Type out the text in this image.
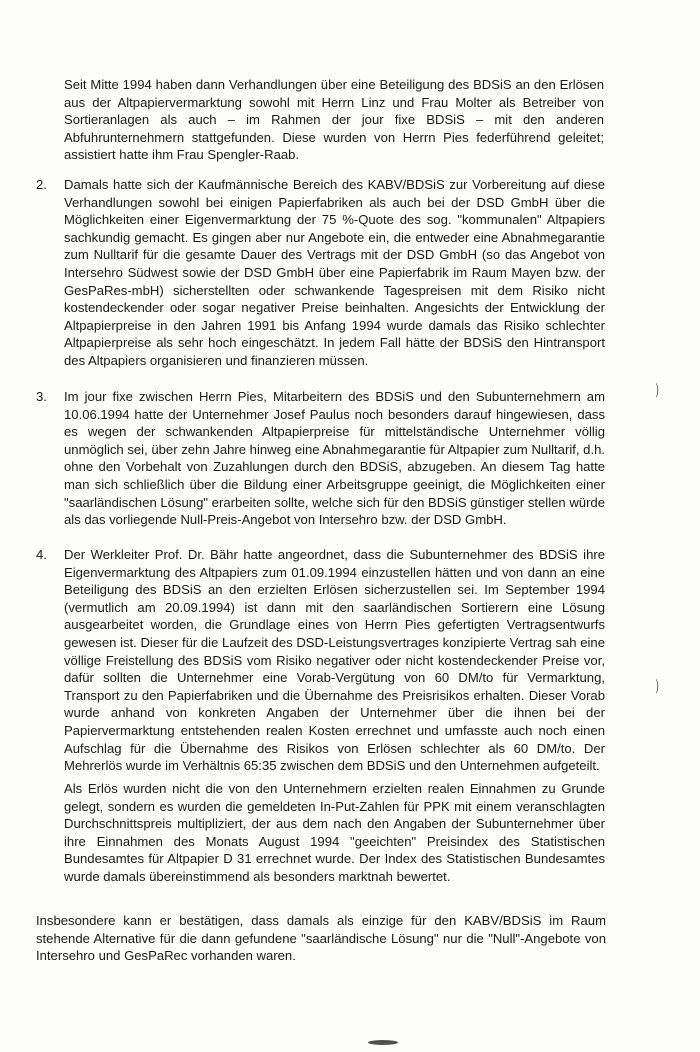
Seit Mitte 1994 haben dann Verhandlungen über eine Beteiligung des BDSiS an den Erlösen aus der Altpapiervermarktung sowohl mit Herrn Linz und Frau Molter als Betreiber von Sortieranlagen als auch – im Rahmen der jour fixe BDSiS – mit den anderen Abfuhrunternehmern stattgefunden. Diese wurden von Herrn Pies federführend geleitet; assistiert hatte ihm Frau Spengler-Raab.

2.	Damals hatte sich der Kaufmännische Bereich des KABV/BDSiS zur Vorbereitung auf diese Verhandlungen sowohl bei einigen Papierfabriken als auch bei der DSD GmbH über die Möglichkeiten einer Eigenvermarktung der 75 %-Quote des sog. "kommunalen" Altpapiers sachkundig gemacht. Es gingen aber nur Angebote ein, die entweder eine Abnahmegarantie zum Nulltarif für die gesamte Dauer des Vertrags mit der DSD GmbH (so das Angebot von Intersehro Südwest sowie der DSD GmbH über eine Papierfabrik im Raum Mayen bzw. der GesPaRes-mbH) sicherstellten oder schwankende Tagespreisen mit dem Risiko nicht kostendeckender oder sogar negativer Preise beinhalten. Angesichts der Entwicklung der Altpapierpreise in den Jahren 1991 bis Anfang 1994 wurde damals das Risiko schlechter Altpapierpreise als sehr hoch eingeschätzt. In jedem Fall hätte der BDSiS den Hintransport des Altpapiers organisieren und finanzieren müssen.

3.	Im jour fixe zwischen Herrn Pies, Mitarbeitern des BDSiS und den Subunternehmern am 10.06.1994 hatte der Unternehmer Josef Paulus noch besonders darauf hingewiesen, dass es wegen der schwankenden Altpapierpreise für mittelständische Unternehmer völlig unmöglich sei, über zehn Jahre hinweg eine Abnahmegarantie für Altpapier zum Nulltarif, d.h. ohne den Vorbehalt von Zuzahlungen durch den BDSiS, abzugeben. An diesem Tag hatte man sich schließlich über die Bildung einer Arbeitsgruppe geeinigt, die Möglichkeiten einer "saarländischen Lösung" erarbeiten sollte, welche sich für den BDSiS günstiger stellen würde als das vorliegende Null-Preis-Angebot von Intersehro bzw. der DSD GmbH.

4.	Der Werkleiter Prof. Dr. Bähr hatte angeordnet, dass die Subunternehmer des BDSiS ihre Eigenvermarktung des Altpapiers zum 01.09.1994 einzustellen hätten und von dann an eine Beteiligung des BDSiS an den erzielten Erlösen sicherzustellen sei. Im September 1994 (vermutlich am 20.09.1994) ist dann mit den saarländischen Sortierern eine Lösung ausgearbeitet worden, die Grundlage eines von Herrn Pies gefertigten Vertragsentwurfs gewesen ist. Dieser für die Laufzeit des DSD-Leistungsvertrages konzipierte Vertrag sah eine völlige Freistellung des BDSiS vom Risiko negativer oder nicht kostendeckender Preise vor, dafür sollten die Unternehmer eine Vorab-Vergütung von 60 DM/to für Vermarktung, Transport zu den Papierfabriken und die Übernahme des Preisrisikos erhalten. Dieser Vorab wurde anhand von konkreten Angaben der Unternehmer über die ihnen bei der Papiervermarktung entstehenden realen Kosten errechnet und umfasste auch noch einen Aufschlag für die Übernahme des Risikos von Erlösen schlechter als 60 DM/to. Der Mehrerlös wurde im Verhältnis 65:35 zwischen dem BDSiS und den Unternehmen aufgeteilt.

Als Erlös wurden nicht die von den Unternehmern erzielten realen Einnahmen zu Grunde gelegt, sondern es wurden die gemeldeten In-Put-Zahlen für PPK mit einem veranschlagten Durchschnittspreis multipliziert, der aus dem nach den Angaben der Subunternehmer über ihre Einnahmen des Monats August 1994 "geeichten" Preisindex des Statistischen Bundesamtes für Altpapier D 31 errechnet wurde. Der Index des Statistischen Bundesamtes wurde damals übereinstimmend als besonders marktnah bewertet.

Insbesondere kann er bestätigen, dass damals als einzige für den KABV/BDSiS im Raum stehende Alternative für die dann gefundene "saarländische Lösung" nur die "Null"-Angebote von Intersehro und GesPaRec vorhanden waren.

)
)
